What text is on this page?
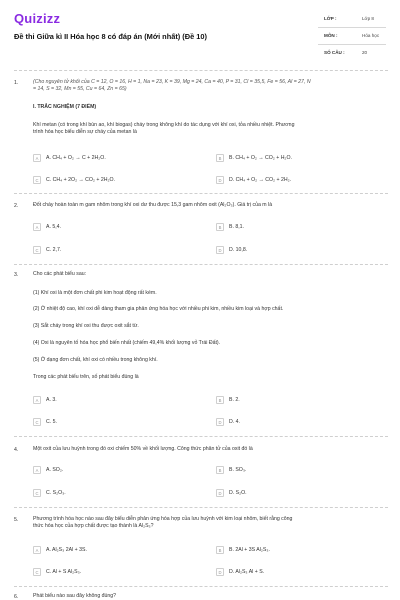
Quizizz
Đề thi Giữa kì II Hóa học 8 có đáp án (Mới nhất) (Đề 10)
LỚP :	Lớp 8
MÔN :	Hóa học
SỐ CÂU :	20
1.	(Cho nguyên tử khối của C = 12, O = 16, H = 1, Na = 23, K = 39, Mg = 24, Ca = 40, P = 31, Cl = 35,5, Fe = 56, Al = 27, N
= 14, S = 32, Mn = 55, Cu = 64, Zn = 65)
I. TRẮC NGHIỆM (7 ĐIỂM)
Khí metan (có trong khí bùn ao, khí biogas) cháy trong không khí do tác dụng với khí oxi, tỏa nhiều nhiệt. Phương
trình hóa học biểu diễn sự cháy của metan là
A	A. CH₄ + O₂ → C + 2H₂O.	B	B. CH₄ + O₂ → CO₂ + H₂O.
C	C. CH₄ + 2O₂ → CO₂ + 2H₂O.	D	D. CH₄ + O₂ → CO₂ + 2H₂.
2.	Đốt cháy hoàn toàn m gam nhôm trong khí oxi dư thu được 15,3 gam nhôm oxit (Al₂O₃). Giá trị của m là
A	A. 5,4.	B	B. 8,1.
C	C. 2,7.	D	D. 10,8.
3.	Cho các phát biểu sau:
(1) Khí oxi là một đơn chất phi kim hoạt động rất kém.
(2) Ở nhiệt độ cao, khí oxi dễ dàng tham gia phản ứng hóa học với nhiều phi kim, nhiều kim loại và hợp chất.
(3) Sắt cháy trong khí oxi thu được oxit sắt từ.
(4) Oxi là nguyên tố hóa học phổ biến nhất (chiếm 49,4% khối lượng vỏ Trái Đất).
(5) Ở dạng đơn chất, khí oxi có nhiều trong không khí.
Trong các phát biểu trên, số phát biểu đúng là
A	A. 3.	B	B. 2.
C	C. 5.	D	D. 4.
4.	Một oxit của lưu huỳnh trong đó oxi chiếm 50% về khối lượng. Công thức phân tử của oxit đó là
A	A. SO₂.	B	B. SO₃.
C	C. S₂O₃.	D	D. S₂O.
5.	Phương trình hóa học nào sau đây biểu diễn phản ứng hóa hợp của lưu huỳnh với kim loại nhôm, biết rằng công
thức hóa học của hợp chất được tạo thành là Al₂S₃?
A	A. Al₂S₃ 2Al + 3S.	B	B. 2Al + 3S Al₂S₃.
C	C. Al + S Al₂S₃.	D	D. Al₂S₃ Al + S.
6.	Phát biểu nào sau đây không đúng?
